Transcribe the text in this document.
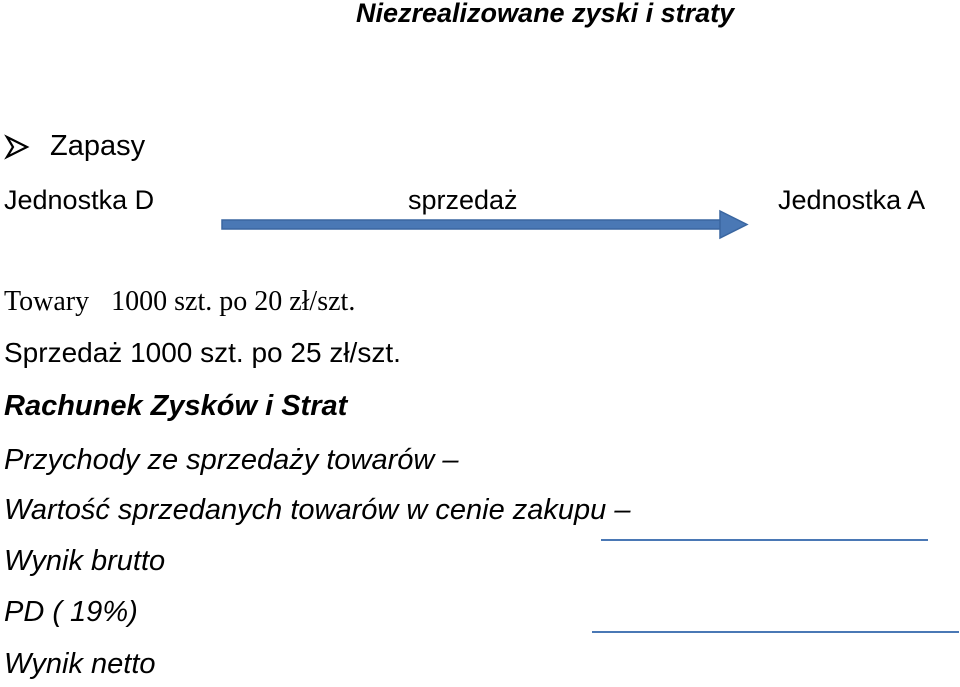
Niezrealizowane zyski i straty
Zapasy
Jednostka D	sprzedaż	Jednostka A
Towary 1000 szt. po 20 zł/szt.
Sprzedaż 1000 szt. po 25 zł/szt.
Rachunek Zysków i Strat
Przychody ze sprzedaży towarów –
Wartość sprzedanych towarów w cenie zakupu –
Wynik brutto
PD ( 19%)
Wynik netto
